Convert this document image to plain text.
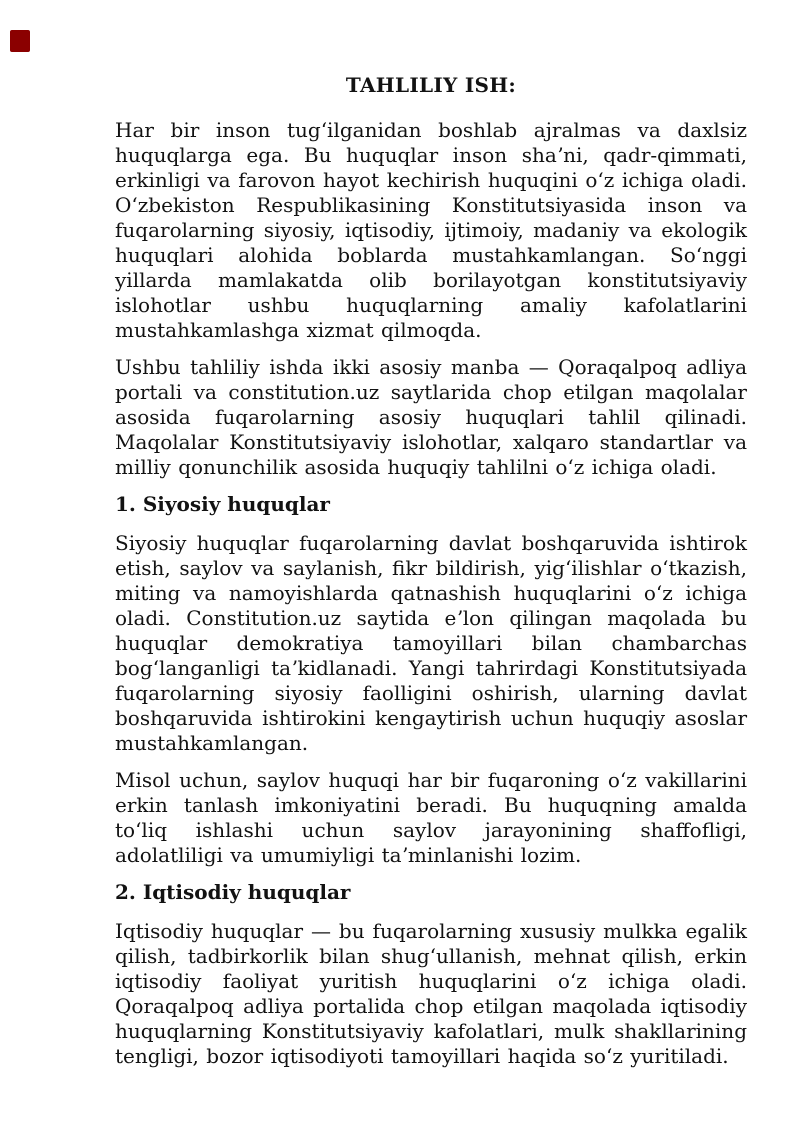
TAHLILIY ISH:

Har bir inson tugʻilganidan boshlab ajralmas va daxlsiz huquqlarga ega. Bu huquqlar inson shaʼni, qadr-qimmati, erkinligi va farovon hayot kechirish huquqini oʻz ichiga oladi. Oʻzbekiston Respublikasining Konstitutsiyasida inson va fuqarolarning siyosiy, iqtisodiy, ijtimoiy, madaniy va ekologik huquqlari alohida boblarda mustahkamlangan. Soʻnggi yillarda mamlakatda olib borilayotgan konstitutsiyaviy islohotlar ushbu huquqlarning amaliy kafolatlarini mustahkamlashga xizmat qilmoqda.

Ushbu tahliliy ishda ikki asosiy manba — Qoraqalpoq adliya portali va constitution.uz saytlarida chop etilgan maqolalar asosida fuqarolarning asosiy huquqlari tahlil qilinadi. Maqolalar Konstitutsiyaviy islohotlar, xalqaro standartlar va milliy qonunchilik asosida huquqiy tahlilni oʻz ichiga oladi.

1. Siyosiy huquqlar

Siyosiy huquqlar fuqarolarning davlat boshqaruvida ishtirok etish, saylov va saylanish, fikr bildirish, yigʻilishlar oʻtkazish, miting va namoyishlarda qatnashish huquqlarini oʻz ichiga oladi. Constitution.uz saytida eʼlon qilingan maqolada bu huquqlar demokratiya tamoyillari bilan chambarchas bogʻlanganligi taʼkidlanadi. Yangi tahrirdagi Konstitutsiyada fuqarolarning siyosiy faolligini oshirish, ularning davlat boshqaruvida ishtirokini kengaytirish uchun huquqiy asoslar mustahkamlangan.

Misol uchun, saylov huquqi har bir fuqaroning oʻz vakillarini erkin tanlash imkoniyatini beradi. Bu huquqning amalda toʻliq ishlashi uchun saylov jarayonining shaffofligi, adolatliligi va umumiyligi taʼminlanishi lozim.

2. Iqtisodiy huquqlar

Iqtisodiy huquqlar — bu fuqarolarning xususiy mulkka egalik qilish, tadbirkorlik bilan shugʻullanish, mehnat qilish, erkin iqtisodiy faoliyat yuritish huquqlarini oʻz ichiga oladi. Qoraqalpoq adliya portalida chop etilgan maqolada iqtisodiy huquqlarning Konstitutsiyaviy kafolatlari, mulk shakllarining tengligi, bozor iqtisodiyoti tamoyillari haqida soʻz yuritiladi.
